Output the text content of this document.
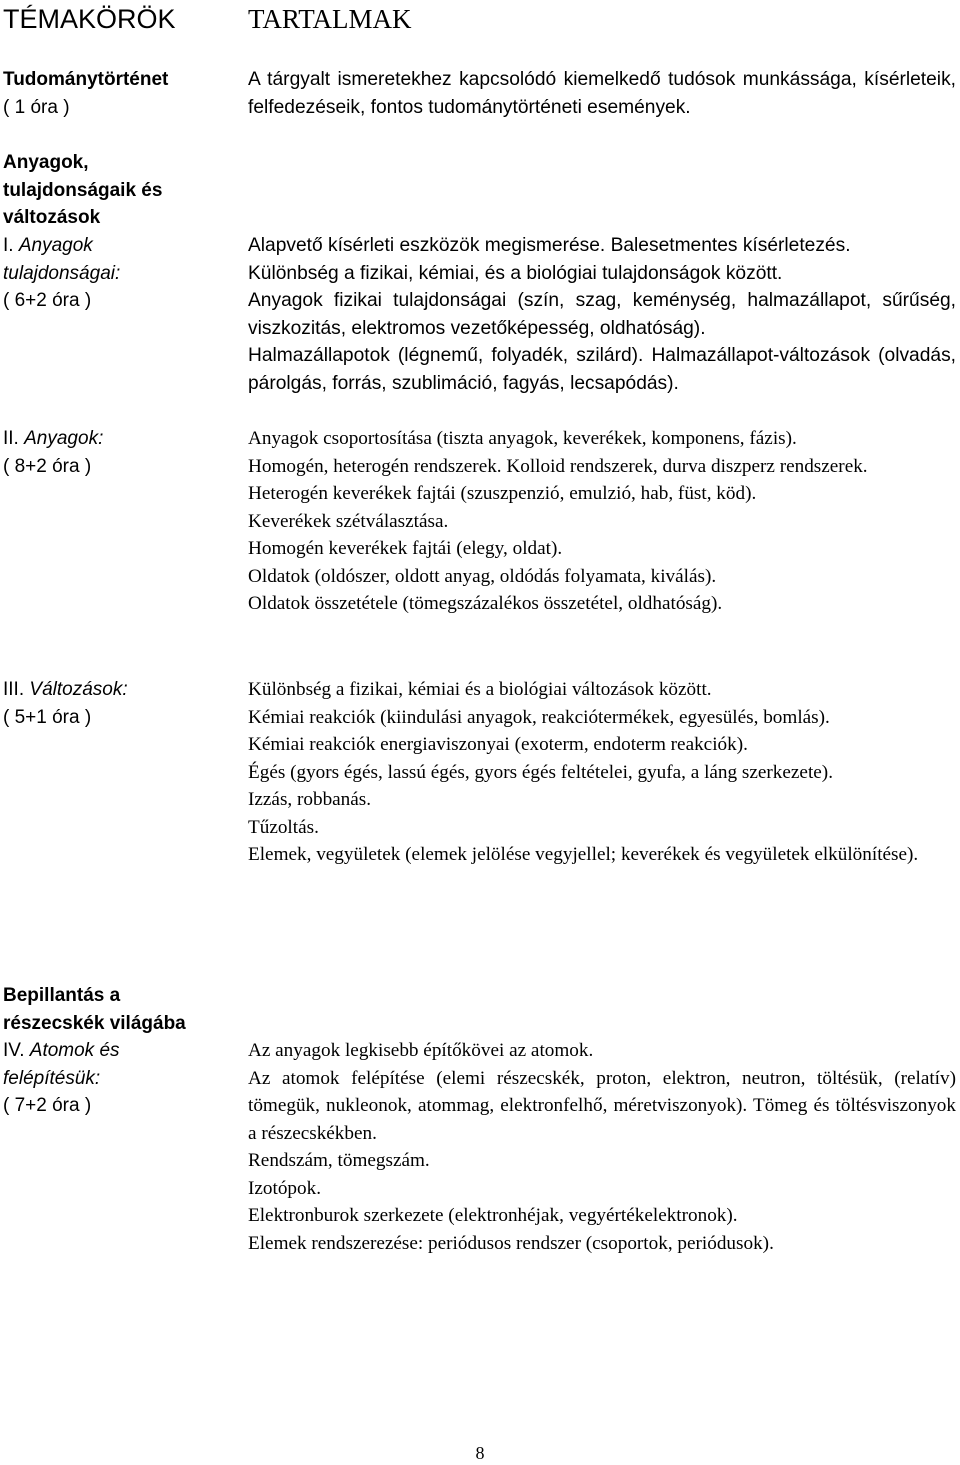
TÉMAKÖRÖK	TARTALMAK
Tudománytörténet
( 1 óra )

A tárgyalt ismeretekhez kapcsolódó kiemelkedő tudósok munkássága, kísérleteik, felfedezéseik, fontos tudománytörténeti események.

Anyagok,
tulajdonságaik és
változások
I. Anyagok
tulajdonságai:
( 6+2 óra )

Alapvető kísérleti eszközök megismerése. Balesetmentes kísérletezés.

Különbség a fizikai, kémiai, és a biológiai tulajdonságok között.

Anyagok fizikai tulajdonságai (szín, szag, keménység, halmazállapot, sűrűség, viszkozitás, elektromos vezetőképesség, oldhatóság).

Halmazállapotok (légnemű, folyadék, szilárd). Halmazállapot-változások (olvadás, párolgás, forrás, szublimáció, fagyás, lecsapódás).

II. Anyagok:
( 8+2 óra )

Anyagok csoportosítása (tiszta anyagok, keverékek, komponens, fázis).

Homogén, heterogén rendszerek. Kolloid rendszerek, durva diszperz rendszerek.

Heterogén keverékek fajtái (szuszpenzió, emulzió, hab, füst, köd).

Keverékek szétválasztása.

Homogén keverékek fajtái (elegy, oldat).

Oldatok (oldószer, oldott anyag, oldódás folyamata, kiválás).

Oldatok összetétele (tömegszázalékos összetétel, oldhatóság).

III. Változások:
( 5+1 óra )

Különbség a fizikai, kémiai és a biológiai változások között.

Kémiai reakciók (kiindulási anyagok, reakciótermékek, egyesülés, bomlás).

Kémiai reakciók energiaviszonyai (exoterm, endoterm reakciók).

Égés (gyors égés, lassú égés, gyors égés feltételei, gyufa, a láng szerkezete).

Izzás, robbanás.

Tűzoltás.

Elemek, vegyületek (elemek jelölése vegyjellel; keverékek és vegyületek elkülönítése).

Bepillantás a
részecskék világába
IV. Atomok és
felépítésük:
( 7+2 óra )

Az anyagok legkisebb építőkövei az atomok.

Az atomok felépítése (elemi részecskék, proton, elektron, neutron, töltésük, (relatív) tömegük, nukleonok, atommag, elektronfelhő, méretviszonyok). Tömeg és töltésviszonyok a részecskékben.

Rendszám, tömegszám.

Izotópok.

Elektronburok szerkezete (elektronhéjak, vegyértékelektronok).

Elemek rendszerezése: periódusos rendszer (csoportok, periódusok).

8
